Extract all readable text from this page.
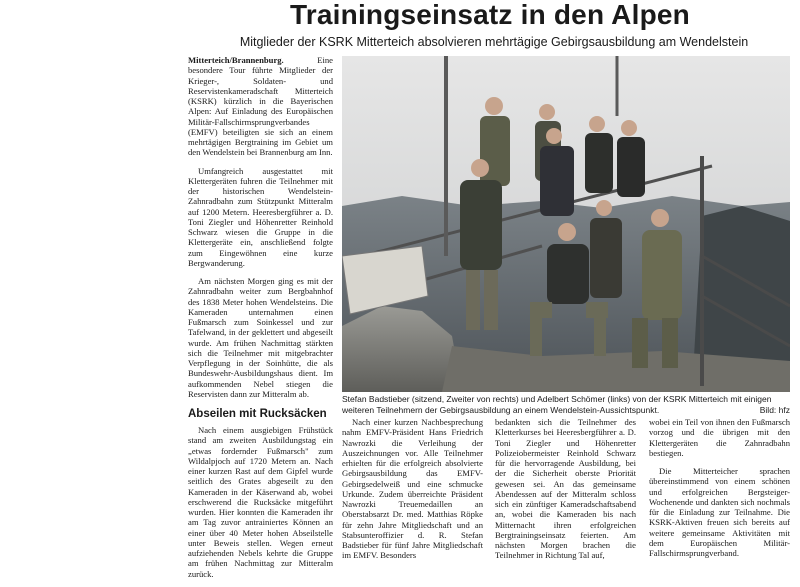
Trainingseinsatz in den Alpen
Mitglieder der KSRK Mitterteich absolvieren mehrtägige Gebirgsausbildung am Wendelstein

Mitterteich/Brannenburg.	Eine besondere Tour führte Mitglieder der Krieger-, Soldaten- und Reservistenkameradschaft Mitterteich (KSRK) kürzlich in die Bayerischen Alpen: Auf Einladung des Europäischen Militär-Fallschirmsprungverbandes (EMFV) beteiligten sie sich an einem mehrtägigen Bergtraining im Gebiet um den Wendelstein bei Brannenburg am Inn.

Umfangreich ausgestattet mit Klettergeräten fuhren die Teilnehmer mit der historischen Wendelstein-Zahnradbahn zum Stützpunkt Mitteralm auf 1200 Metern. Heeresbergführer a. D. Toni Ziegler und Höhenretter Reinhold Schwarz wiesen die Gruppe in die Klettergeräte ein, anschließend folgte zum Eingewöhnen eine kurze Bergwanderung.

Am nächsten Morgen ging es mit der Zahnradbahn weiter zum Bergbahnhof des 1838 Meter hohen Wendelsteins. Die Kameraden unternahmen einen Fußmarsch zum Soinkessel und zur Tafelwand, in der geklettert und abgeseilt wurde. Am frühen Nachmittag stärkten sich die Teilnehmer mit mitgebrachter Verpflegung in der Soinhütte, die als Bundeswehr-Ausbildungshaus dient. Im aufkommenden Nebel stiegen die Reservisten dann zur Mitteralm ab.

Abseilen mit Rucksäcken

Nach einem ausgiebigen Frühstück stand am zweiten Ausbildungstag ein „etwas fordernder Fußmarsch" zum Wildalpjoch auf 1720 Metern an. Nach einer kurzen Rast auf dem Gipfel wurde seitlich des Grates abgeseilt zu den Kameraden in der Käserwand ab, wobei erschwerend die Rucksäcke mitgeführt wurden. Hier konnten die Kameraden ihr am Tag zuvor antrainiertes Können an einer über 40 Meter hohen Abseilstelle unter Beweis stellen. Wegen erneut aufziehenden Nebels kehrte die Gruppe am frühen Nachmittag zur Mitteralm zurück.

Stefan Badstieber (sitzend, Zweiter von rechts) und Adelbert Schömer (links) von der KSRK Mitterteich mit einigen weiteren Teilnehmern der Gebirgsausbildung an einem Wendelstein-Aussichtspunkt.	Bild: hfz

Nach einer kurzen Nachbesprechung nahm EMFV-Präsident Hans Friedrich Nawrozki die Verleihung der Auszeichnungen vor. Alle Teilnehmer erhielten für die erfolgreich absolvierte Gebirgsausbildung das EMFV-Gebirgsedelweiß und eine schmucke Urkunde. Zudem überreichte Präsident Nawrozki Treuemedaillen an Oberstabsarzt Dr. med. Matthias Röpke für zehn Jahre Mitgliedschaft und an Stabsunteroffizier d. R. Stefan Badstieber für fünf Jahre Mitgliedschaft im EMFV. Besonders

bedankten sich die Teilnehmer des Kletterkurses bei Heeresbergführer a. D. Toni Ziegler und Höhenretter Polizeiobermeister Reinhold Schwarz für die hervorragende Ausbildung, bei der die Sicherheit oberste Priorität gewesen sei. An das gemeinsame Abendessen auf der Mitteralm schloss sich ein zünftiger Kameradschaftsabend an, wobei die Kameraden bis nach Mitternacht ihren erfolgreichen Bergtrainingseinsatz feierten. Am nächsten Morgen brachen die Teilnehmer in Richtung Tal auf,

wobei ein Teil von ihnen den Fußmarsch vorzog und die übrigen mit den Klettergeräten die Zahnradbahn bestiegen.

Die Mitterteicher sprachen übereinstimmend von einem schönen und erfolgreichen Bergsteiger-Wochenende und dankten sich nochmals für die Einladung zur Teilnahme. Die KSRK-Aktiven freuen sich bereits auf weitere gemeinsame Aktivitäten mit dem Europäischen Militär-Fallschirmsprungverband.
